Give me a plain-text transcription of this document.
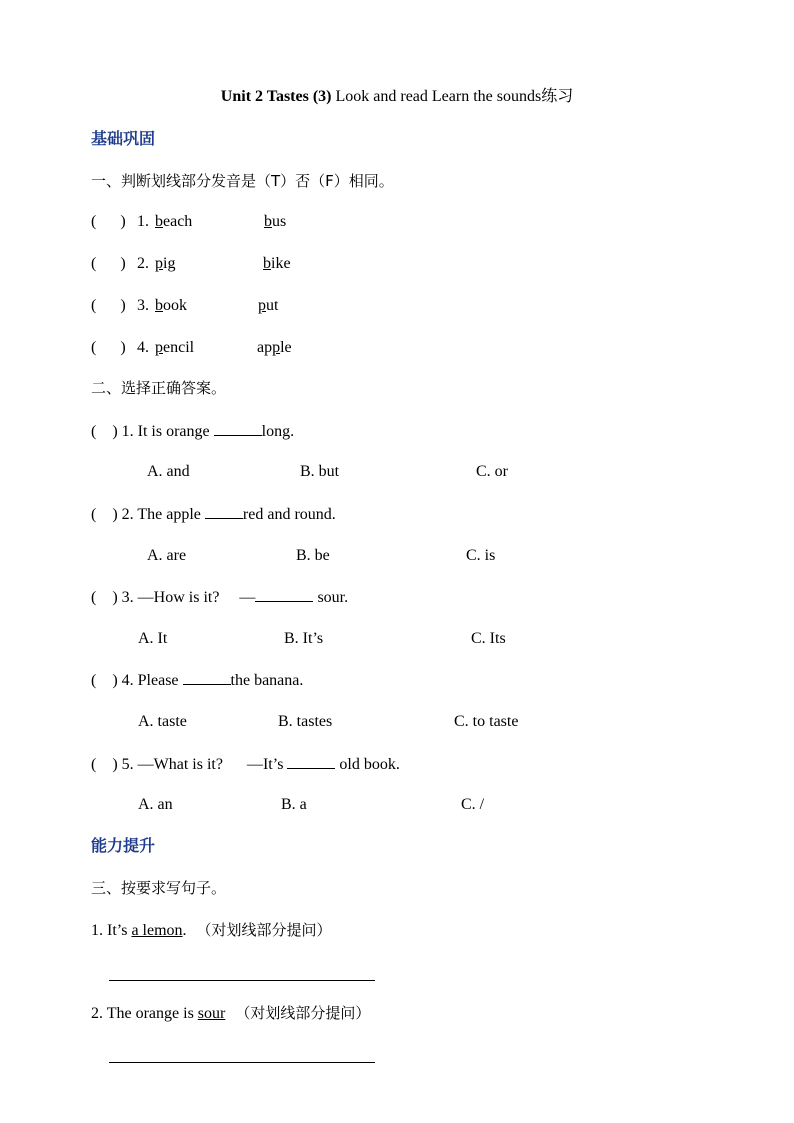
Unit 2 Tastes (3) Look and read Learn the sounds练习
基础巩固
一、判断划线部分发音是（T）否（F）相同。
(      ) 1. beach	bus
(      ) 2. pig	bike
(      ) 3. book	put
(      ) 4. pencil	apple
二、选择正确答案。
(    ) 1. It is orange	long.
A. and	B. but	C. or
(    ) 2. The apple	red and round.
A. are	B. be	C. is
(    ) 3. —How is it?     —	sour.
A. It	B. It’s	C. Its
(    ) 4. Please	the banana.
A. taste	B. tastes	C. to taste
(    ) 5. —What is it?      —It’s	old book.
A. an	B. a	C. /
能力提升
三、按要求写句子。
1. It’s a lemon. （对划线部分提问）
2. The orange is sour （对划线部分提问）
